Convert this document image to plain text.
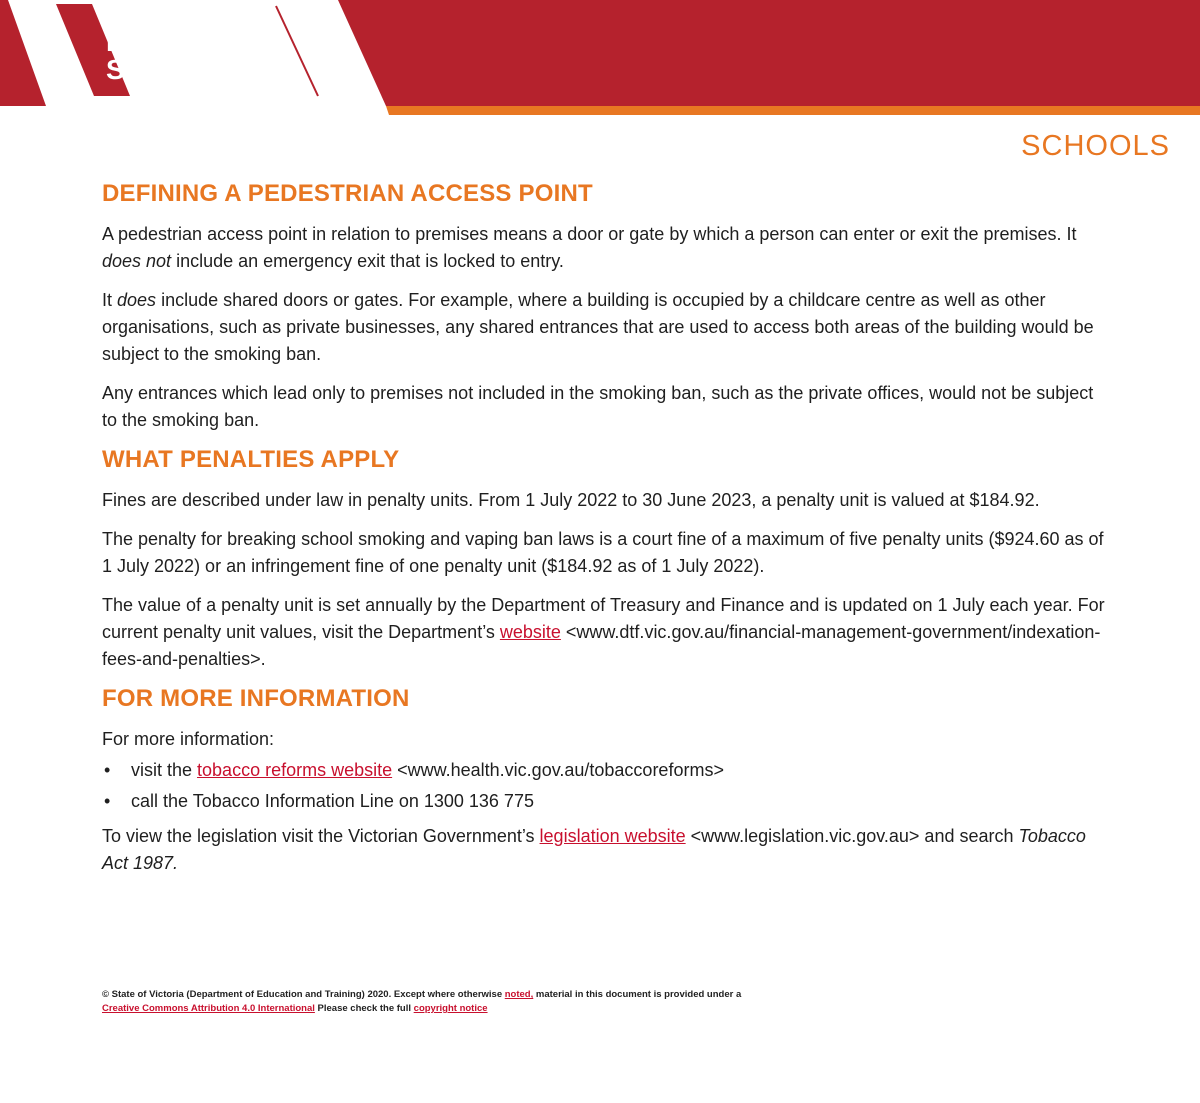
THE
EDUCATION
STATE
SCHOOLS
DEFINING A PEDESTRIAN ACCESS POINT

A pedestrian access point in relation to premises means a door or gate by which a person can enter or exit the premises. It does not include an emergency exit that is locked to entry.

It does include shared doors or gates. For example, where a building is occupied by a childcare centre as well as other organisations, such as private businesses, any shared entrances that are used to access both areas of the building would be subject to the smoking ban.

Any entrances which lead only to premises not included in the smoking ban, such as the private offices, would not be subject to the smoking ban.

WHAT PENALTIES APPLY

Fines are described under law in penalty units. From 1 July 2022 to 30 June 2023, a penalty unit is valued at $184.92.

The penalty for breaking school smoking and vaping ban laws is a court fine of a maximum of five penalty units ($924.60 as of 1 July 2022) or an infringement fine of one penalty unit ($184.92 as of 1 July 2022).

The value of a penalty unit is set annually by the Department of Treasury and Finance and is updated on 1 July each year. For current penalty unit values, visit the Department’s website <www.dtf.vic.gov.au/financial-management-government/indexation-fees-and-penalties>.

FOR MORE INFORMATION

For more information:

• visit the tobacco reforms website <www.health.vic.gov.au/tobaccoreforms>
• call the Tobacco Information Line on 1300 136 775

To view the legislation visit the Victorian Government’s legislation website <www.legislation.vic.gov.au> and search Tobacco Act 1987.

© State of Victoria (Department of Education and Training) 2020. Except where otherwise noted, material in this document is provided under a
Creative Commons Attribution 4.0 International Please check the full copyright notice
